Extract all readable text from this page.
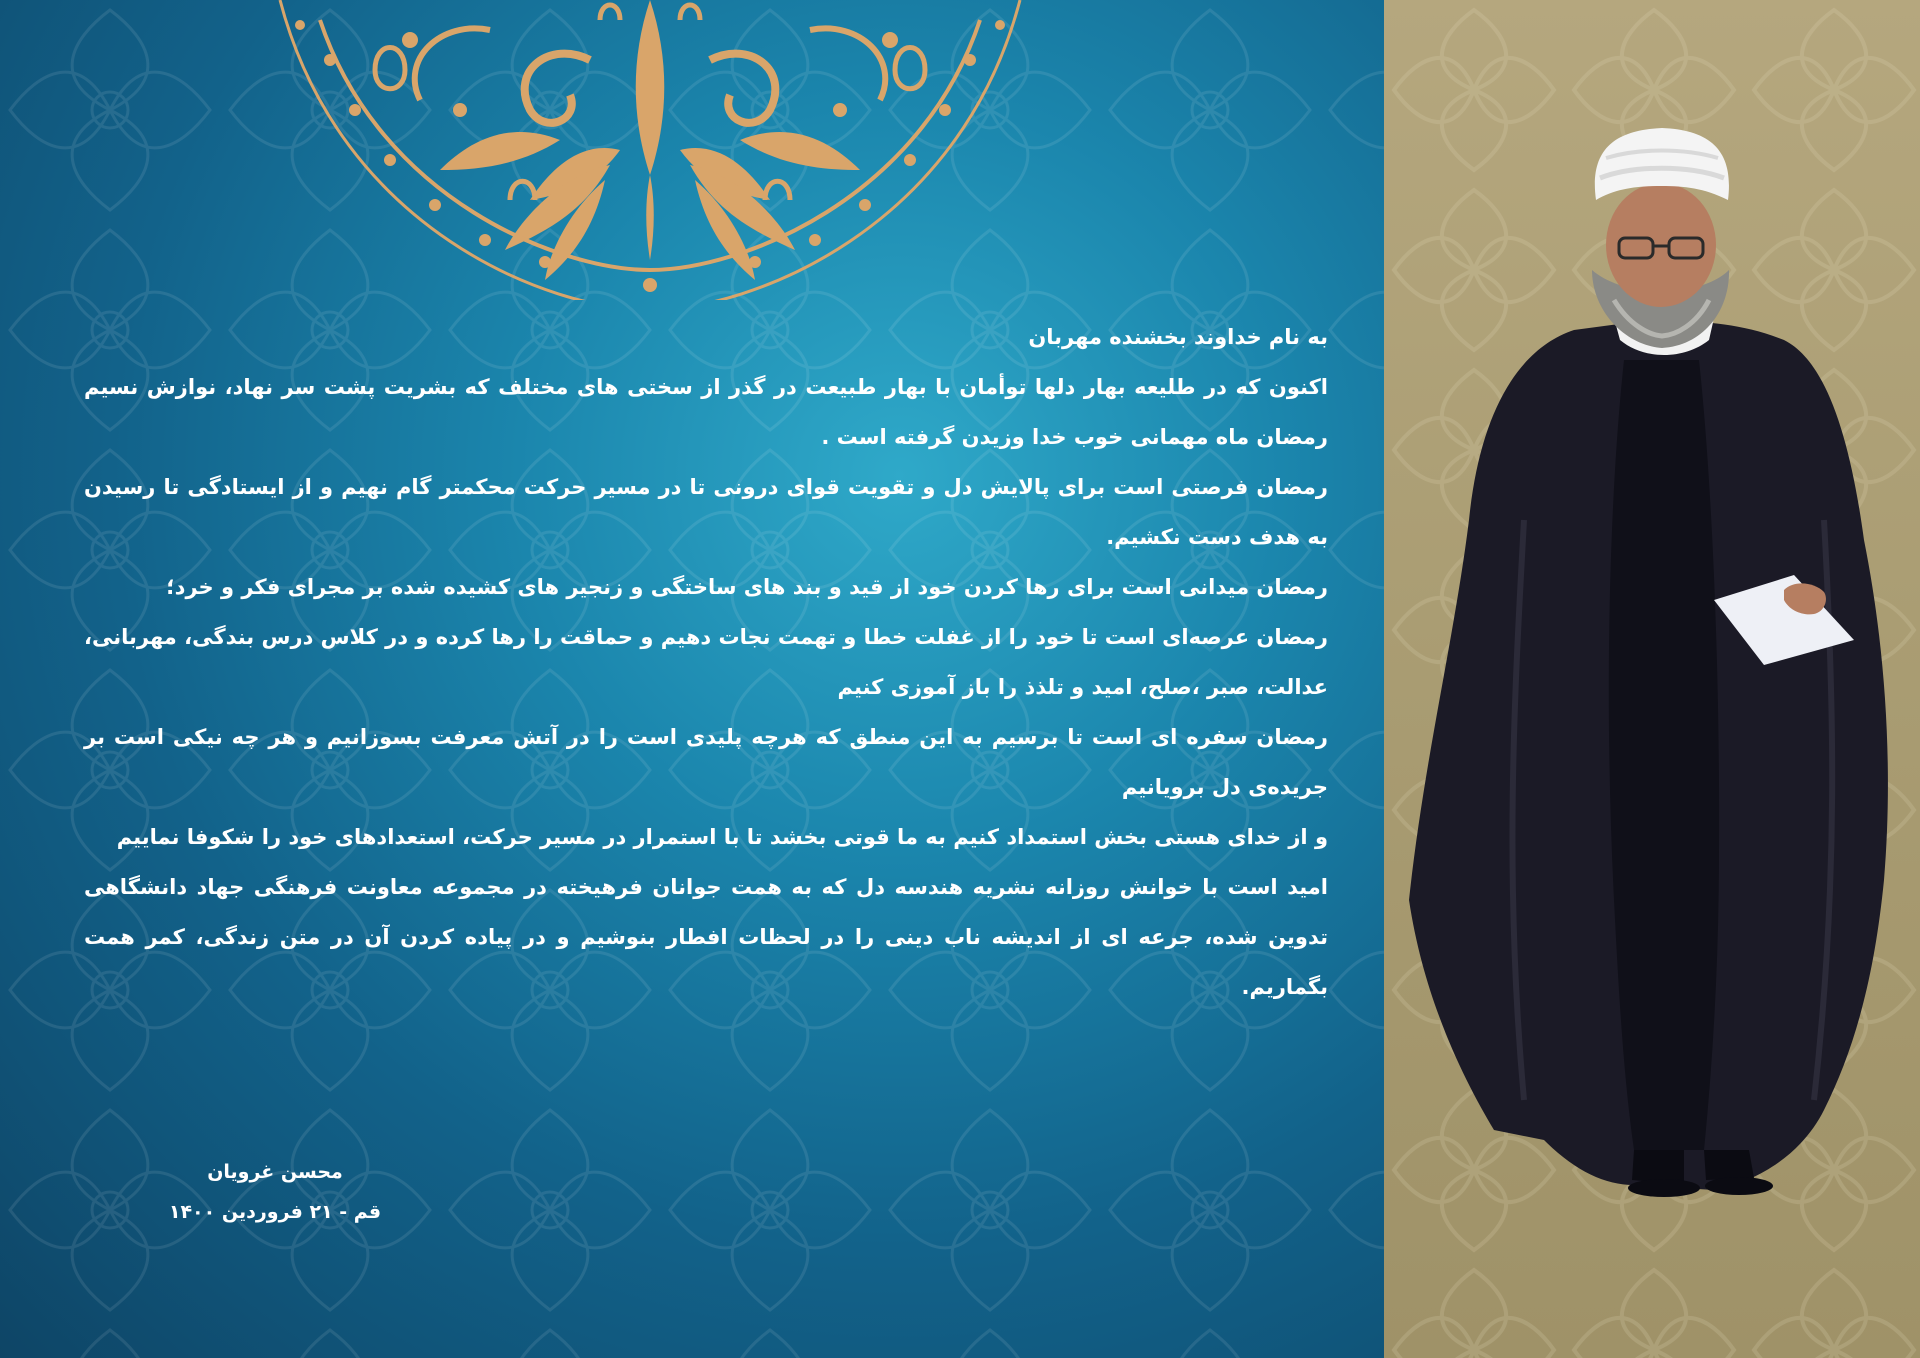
به نام خداوند بخشنده مهربان

اکنون که در طلیعه بهار دلها توأمان با بهار طبیعت در گذر از سختی های مختلف که بشریت پشت سر نهاد، نوازش نسیم رمضان ماه مهمانی خوب خدا وزیدن گرفته است .

رمضان فرصتی است برای پالایش دل و تقویت قوای درونی تا در مسیر حرکت محکمتر گام نهیم و از ایستادگی تا رسیدن به هدف دست نکشیم.

رمضان میدانی است برای رها کردن خود از قید و بند های ساختگی و زنجیر های کشیده شده بر مجرای فکر و خرد؛

رمضان عرصه‌ای است تا خود را از غفلت خطا و تهمت نجات دهیم و حماقت را رها کرده و در کلاس درس بندگی، مهربانی، عدالت، صبر ،صلح، امید و تلذذ را باز آموزی کنیم

رمضان سفره ای است تا برسیم به این منطق که هرچه پلیدی است را در آتش معرفت بسوزانیم و هر چه نیکی است بر جریده‌ی دل برویانیم

و از خدای هستی بخش استمداد کنیم به ما قوتی بخشد تا با استمرار در مسیر حرکت، استعدادهای خود را شکوفا نماییم

امید است با خوانش روزانه نشریه هندسه دل که به همت جوانان فرهیخته در مجموعه معاونت فرهنگی جهاد دانشگاهی تدوین شده، جرعه ای از اندیشه ناب دینی را در لحظات افطار بنوشیم و در پیاده کردن آن در متن زندگی، کمر همت بگماریم.

محسن غرویان
قم - ۲۱ فروردین ۱۴۰۰
